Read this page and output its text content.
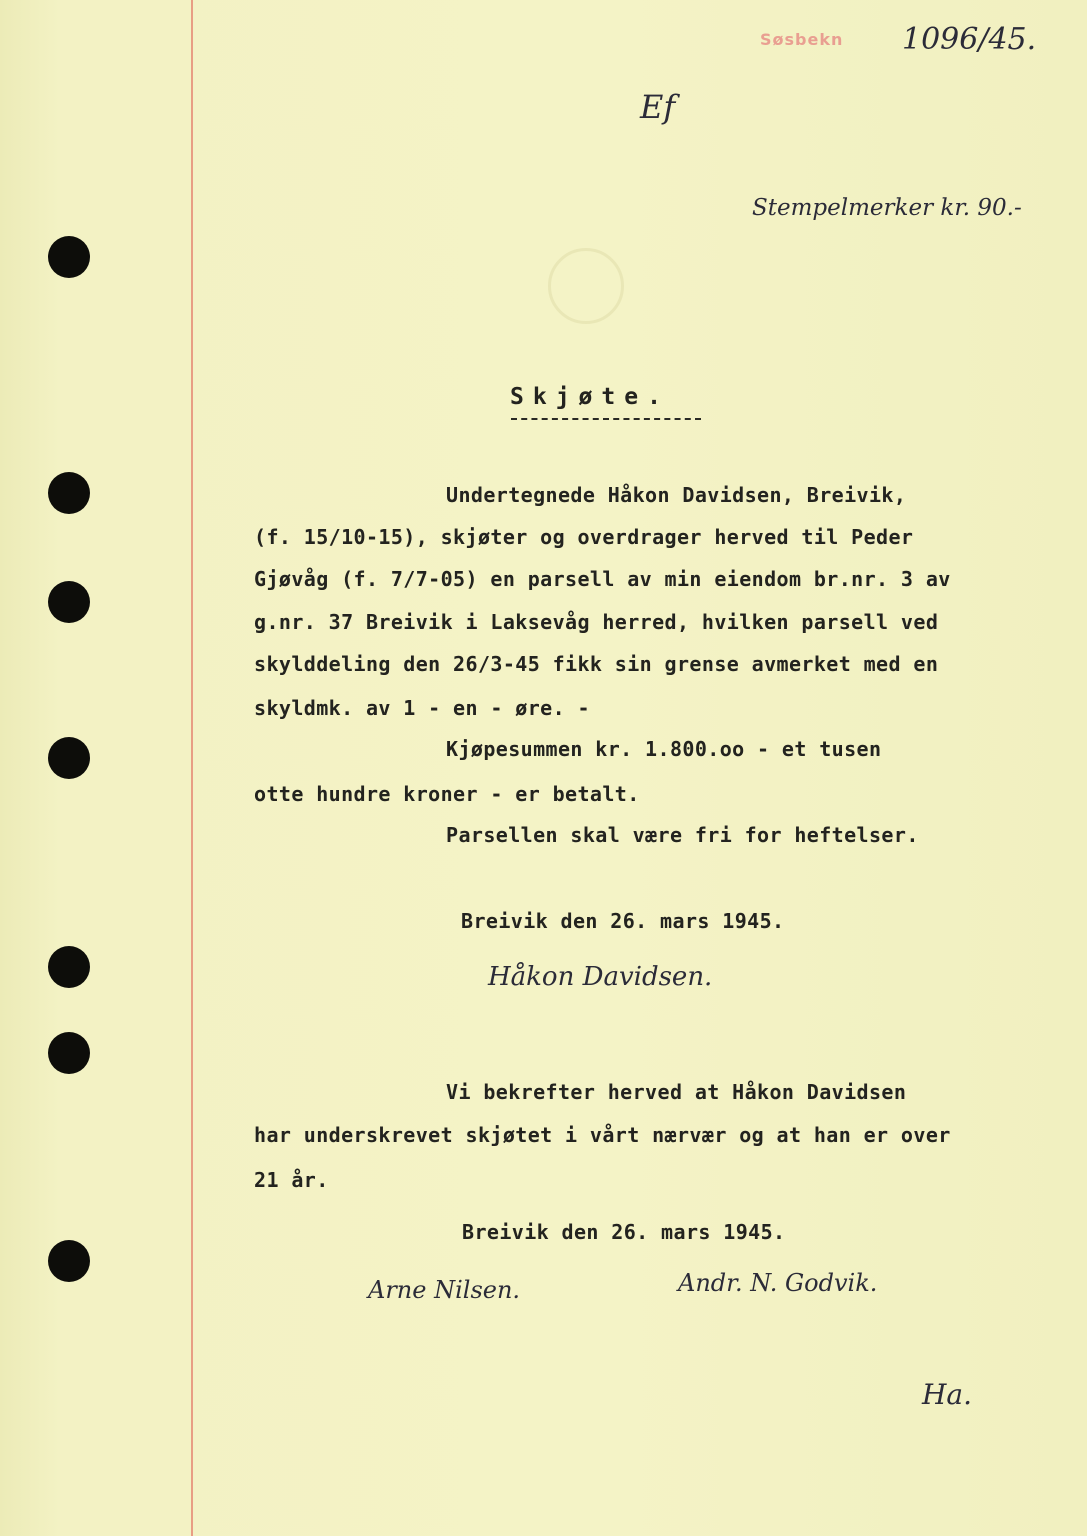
Søsbekn 1096/45.
Ef
Stempelmerker kr. 90.-
Skjøte.
Undertegnede Håkon Davidsen, Breivik,
(f. 15/10-15), skjøter og overdrager herved til Peder
Gjøvåg (f. 7/7-05) en parsell av min eiendom br.nr. 3 av
g.nr. 37 Breivik i Laksevåg herred, hvilken parsell ved
skylddeling den 26/3-45 fikk sin grense avmerket med en
skyldmk. av 1 - en - øre. -
Kjøpesummen kr. 1.800.oo - et tusen
otte hundre kroner - er betalt.
Parsellen skal være fri for heftelser.
Breivik den 26. mars 1945.
Håkon Davidsen.
Vi bekrefter herved at Håkon Davidsen
har underskrevet skjøtet i vårt nærvær og at han er over
21 år.
Breivik den 26. mars 1945.
Arne Nilsen.	Andr. N. Godvik.
Ha.
